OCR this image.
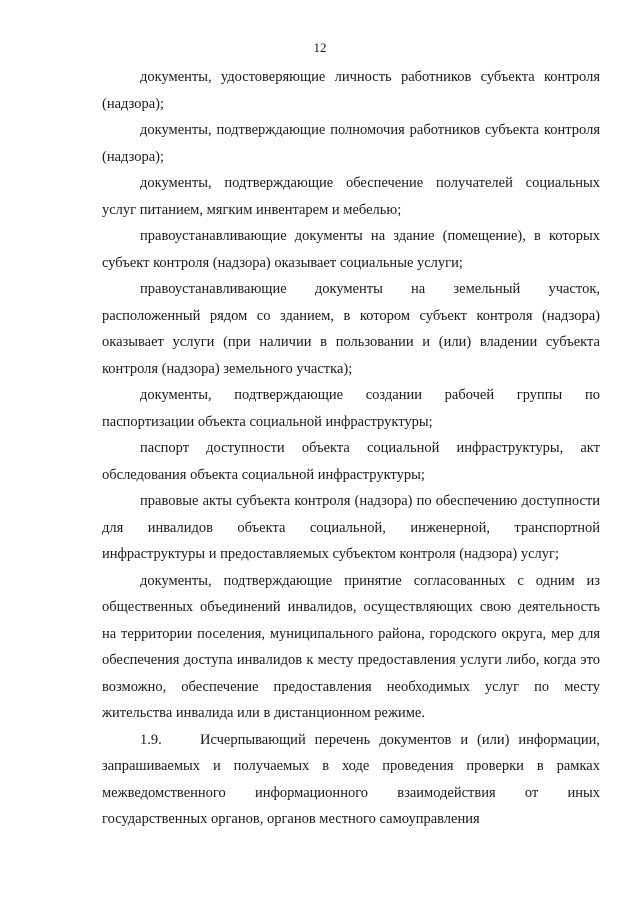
12

документы, удостоверяющие личность работников субъекта контроля (надзора);

документы, подтверждающие полномочия работников субъекта контроля (надзора);

документы, подтверждающие обеспечение получателей социальных услуг питанием, мягким инвентарем и мебелью;

правоустанавливающие документы на здание (помещение), в которых субъект контроля (надзора) оказывает социальные услуги;

правоустанавливающие документы на земельный участок, расположенный рядом со зданием, в котором субъект контроля (надзора) оказывает услуги (при наличии в пользовании и (или) владении субъекта контроля (надзора) земельного участка);

документы, подтверждающие создании рабочей группы по паспортизации объекта социальной инфраструктуры;

паспорт доступности объекта социальной инфраструктуры, акт обследования объекта социальной инфраструктуры;

правовые акты субъекта контроля (надзора) по обеспечению доступности для инвалидов объекта социальной, инженерной, транспортной инфраструктуры и предоставляемых субъектом контроля (надзора) услуг;

документы, подтверждающие принятие согласованных с одним из общественных объединений инвалидов, осуществляющих свою деятельность на территории поселения, муниципального района, городского округа, мер для обеспечения доступа инвалидов к месту предоставления услуги либо, когда это возможно, обеспечение предоставления необходимых услуг по месту жительства инвалида или в дистанционном режиме.

1.9.	Исчерпывающий перечень документов и (или) информации, запрашиваемых и получаемых в ходе проведения проверки в рамках межведомственного информационного взаимодействия от иных государственных органов, органов местного самоуправления
